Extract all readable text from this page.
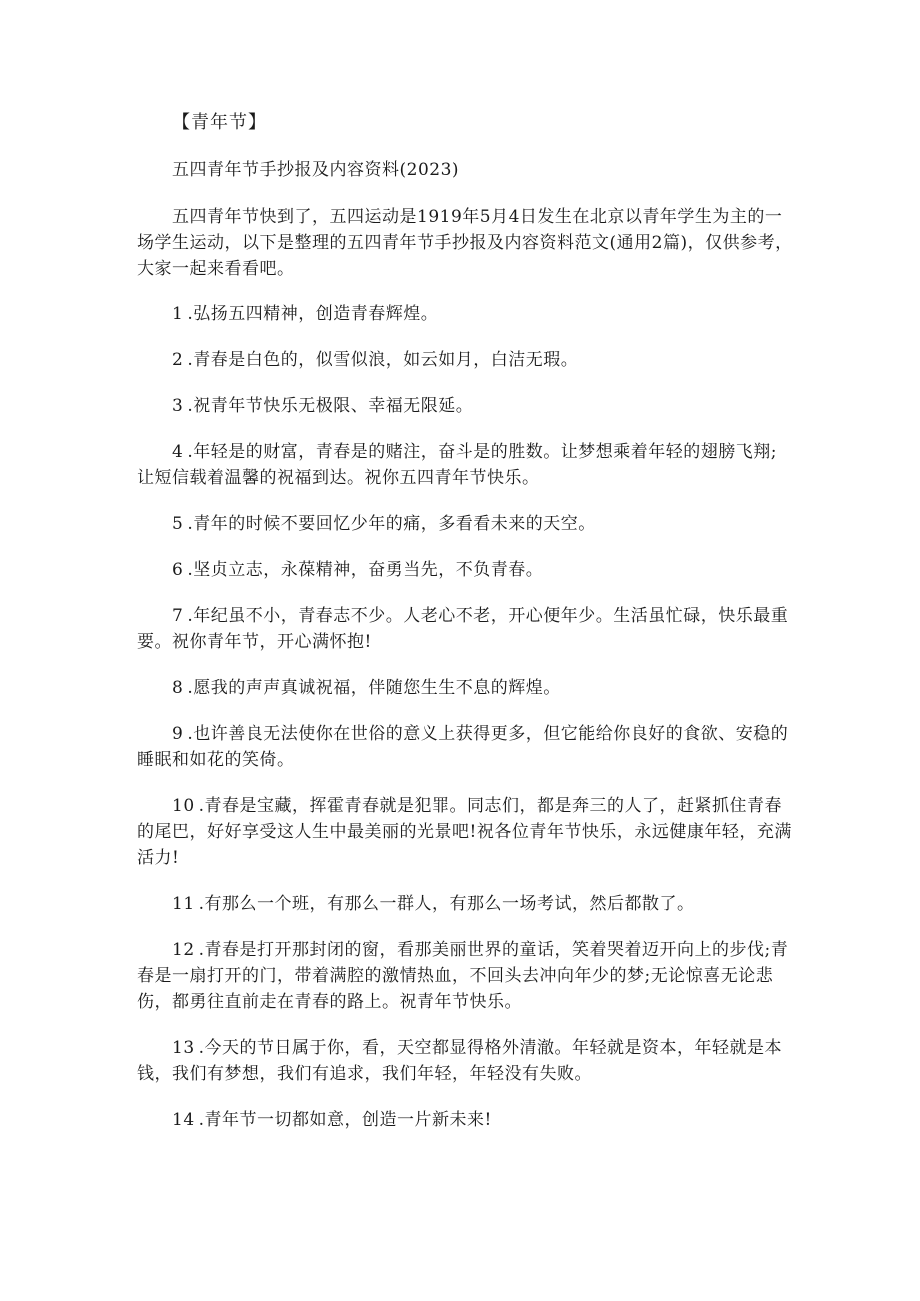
【青年节】
五四青年节手抄报及内容资料(2023)
五四青年节快到了，五四运动是1919年5月4日发生在北京以青年学生为主的一场学生运动，以下是整理的五四青年节手抄报及内容资料范文(通用2篇)，仅供参考，大家一起来看看吧。
1 .弘扬五四精神，创造青春辉煌。
2 .青春是白色的，似雪似浪，如云如月，白洁无瑕。
3 .祝青年节快乐无极限、幸福无限延。
4 .年轻是的财富，青春是的赌注，奋斗是的胜数。让梦想乘着年轻的翅膀飞翔;让短信载着温馨的祝福到达。祝你五四青年节快乐。
5 .青年的时候不要回忆少年的痛，多看看未来的天空。
6 .坚贞立志，永葆精神，奋勇当先，不负青春。
7 .年纪虽不小，青春志不少。人老心不老，开心便年少。生活虽忙碌，快乐最重要。祝你青年节，开心满怀抱!
8 .愿我的声声真诚祝福，伴随您生生不息的辉煌。
9 .也许善良无法使你在世俗的意义上获得更多，但它能给你良好的食欲、安稳的睡眠和如花的笑倚。
10 .青春是宝藏，挥霍青春就是犯罪。同志们，都是奔三的人了，赶紧抓住青春的尾巴，好好享受这人生中最美丽的光景吧!祝各位青年节快乐，永远健康年轻，充满活力!
11 .有那么一个班，有那么一群人，有那么一场考试，然后都散了。
12 .青春是打开那封闭的窗，看那美丽世界的童话，笑着哭着迈开向上的步伐;青春是一扇打开的门，带着满腔的激情热血，不回头去冲向年少的梦;无论惊喜无论悲伤，都勇往直前走在青春的路上。祝青年节快乐。
13 .今天的节日属于你，看，天空都显得格外清澈。年轻就是资本，年轻就是本钱，我们有梦想，我们有追求，我们年轻，年轻没有失败。
14 .青年节一切都如意，创造一片新未来!
